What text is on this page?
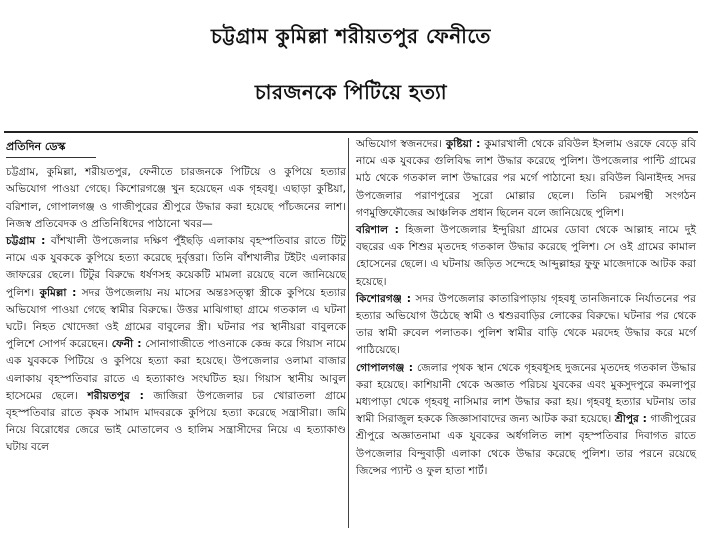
চট্টগ্রাম কুমিল্লা শরীয়তপুর ফেনীতে
চারজনকে পিটিয়ে হত্যা
প্রতিদিন ডেস্ক

চট্টগ্রাম, কুমিল্লা, শরীয়তপুর, ফেনীতে চারজনকে পিটিয়ে ও কুপিয়ে হত্যার অভিযোগ পাওয়া গেছে। কিশোরগঞ্জে খুন হয়েছেন এক গৃহবধূ। এছাড়া কুষ্টিয়া, বরিশাল, গোপালগঞ্জ ও গাজীপুরের শ্রীপুরে উদ্ধার করা হয়েছে পাঁচজনের লাশ। নিজস্ব প্রতিবেদক ও প্রতিনিধিদের পাঠানো খবর—

চট্টগ্রাম : বাঁশখালী উপজেলার দক্ষিণ পুঁইছড়ি এলাকায় বৃহস্পতিবার রাতে টিটু নামে এক যুবককে কুপিয়ে হত্যা করেছে দুর্বৃত্তরা। তিনি বাঁশখালীর টইটং এলাকার জাফরের ছেলে। টিটুর বিরুদ্ধে ধর্ষণসহ কয়েকটি মামলা রয়েছে বলে জানিয়েছে পুলিশ। কুমিল্লা : সদর উপজেলায় নয় মাসের অন্তঃসত্ত্বা স্ত্রীকে কুপিয়ে হত্যার অভিযোগ পাওয়া গেছে স্বামীর বিরুদ্ধে। উত্তর মাঝিগাছা গ্রামে গতকাল এ ঘটনা ঘটে। নিহত খোদেজা ওই গ্রামের বাবুলের স্ত্রী। ঘটনার পর স্থানীয়রা বাবুলকে পুলিশে সোপর্দ করেছেন। ফেনী : সোনাগাজীতে পাওনাকে কেন্দ্র করে গিয়াস নামে এক যুবককে পিটিয়ে ও কুপিয়ে হত্যা করা হয়েছে। উপজেলার ওলামা বাজার এলাকায় বৃহস্পতিবার রাতে এ হত্যাকাণ্ড সংঘটিত হয়। গিয়াস স্থানীয় আবুল হাসেমের ছেলে। শরীয়তপুর : জাজিরা উপজেলার চর খোরাতলা গ্রামে বৃহস্পতিবার রাতে কৃষক সামাদ মাদবরকে কুপিয়ে হত্যা করেছে সন্ত্রাসীরা। জমি নিয়ে বিরোধের জেরে ভাই মোতালেব ও হালিম সন্ত্রাসীদের নিয়ে এ হত্যাকাণ্ড ঘটায় বলে

অভিযোগ স্বজনদের। কুষ্টিয়া : কুমারখালী থেকে রবিউল ইসলাম ওরফে বেড়ে রবি নামে এক যুবকের গুলিবিদ্ধ লাশ উদ্ধার করেছে পুলিশ। উপজেলার পান্টি গ্রামের মাঠ থেকে গতকাল লাশ উদ্ধারের পর মর্গে পাঠানো হয়। রবিউল ঝিনাইদহ সদর উপজেলার পরাণপুরের সুরো মোল্লার ছেলে। তিনি চরমপন্থী সংগঠন গণমুক্তিফৌজের আঞ্চলিক প্রধান ছিলেন বলে জানিয়েছে পুলিশ।

বরিশাল : হিজলা উপজেলার ইন্দুরিয়া গ্রামের ডোবা থেকে আল্লাহ নামে দুই বছরের এক শিশুর মৃতদেহ গতকাল উদ্ধার করেছে পুলিশ। সে ওই গ্রামের কামাল হোসেনের ছেলে। এ ঘটনায় জড়িত সন্দেহে আব্দুল্লাহর ফুফু মাজেদাকে আটক করা হয়েছে।

কিশোরগঞ্জ : সদর উপজেলার কাতারিপাড়ায় গৃহবধূ তানজিনাকে নির্যাতনের পর হত্যার অভিযোগ উঠেছে স্বামী ও শ্বশুরবাড়ির লোকের বিরুদ্ধে। ঘটনার পর থেকে তার স্বামী রুবেল পলাতক। পুলিশ স্বামীর বাড়ি থেকে মরদেহ উদ্ধার করে মর্গে পাঠিয়েছে।

গোপালগঞ্জ : জেলার পৃথক স্থান থেকে গৃহবধূসহ দুজনের মৃতদেহ গতকাল উদ্ধার করা হয়েছে। কাশিয়ানী থেকে অজ্ঞাত পরিচয় যুবকের এবং মুকসুদপুরে কমলাপুর মধ্যপাড়া থেকে গৃহবধূ নাসিমার লাশ উদ্ধার করা হয়। গৃহবধূ হত্যার ঘটনায় তার স্বামী সিরাজুল হককে জিজ্ঞাসাবাদের জন্য আটক করা হয়েছে। শ্রীপুর : গাজীপুরের শ্রীপুরে অজ্ঞাতনামা এক যুবকের অর্ধগলিত লাশ বৃহস্পতিবার দিবাগত রাতে উপজেলার বিন্দুবাড়ী এলাকা থেকে উদ্ধার করেছে পুলিশ। তার পরনে রয়েছে জিন্সের প্যান্ট ও ফুল হাতা শার্ট।
